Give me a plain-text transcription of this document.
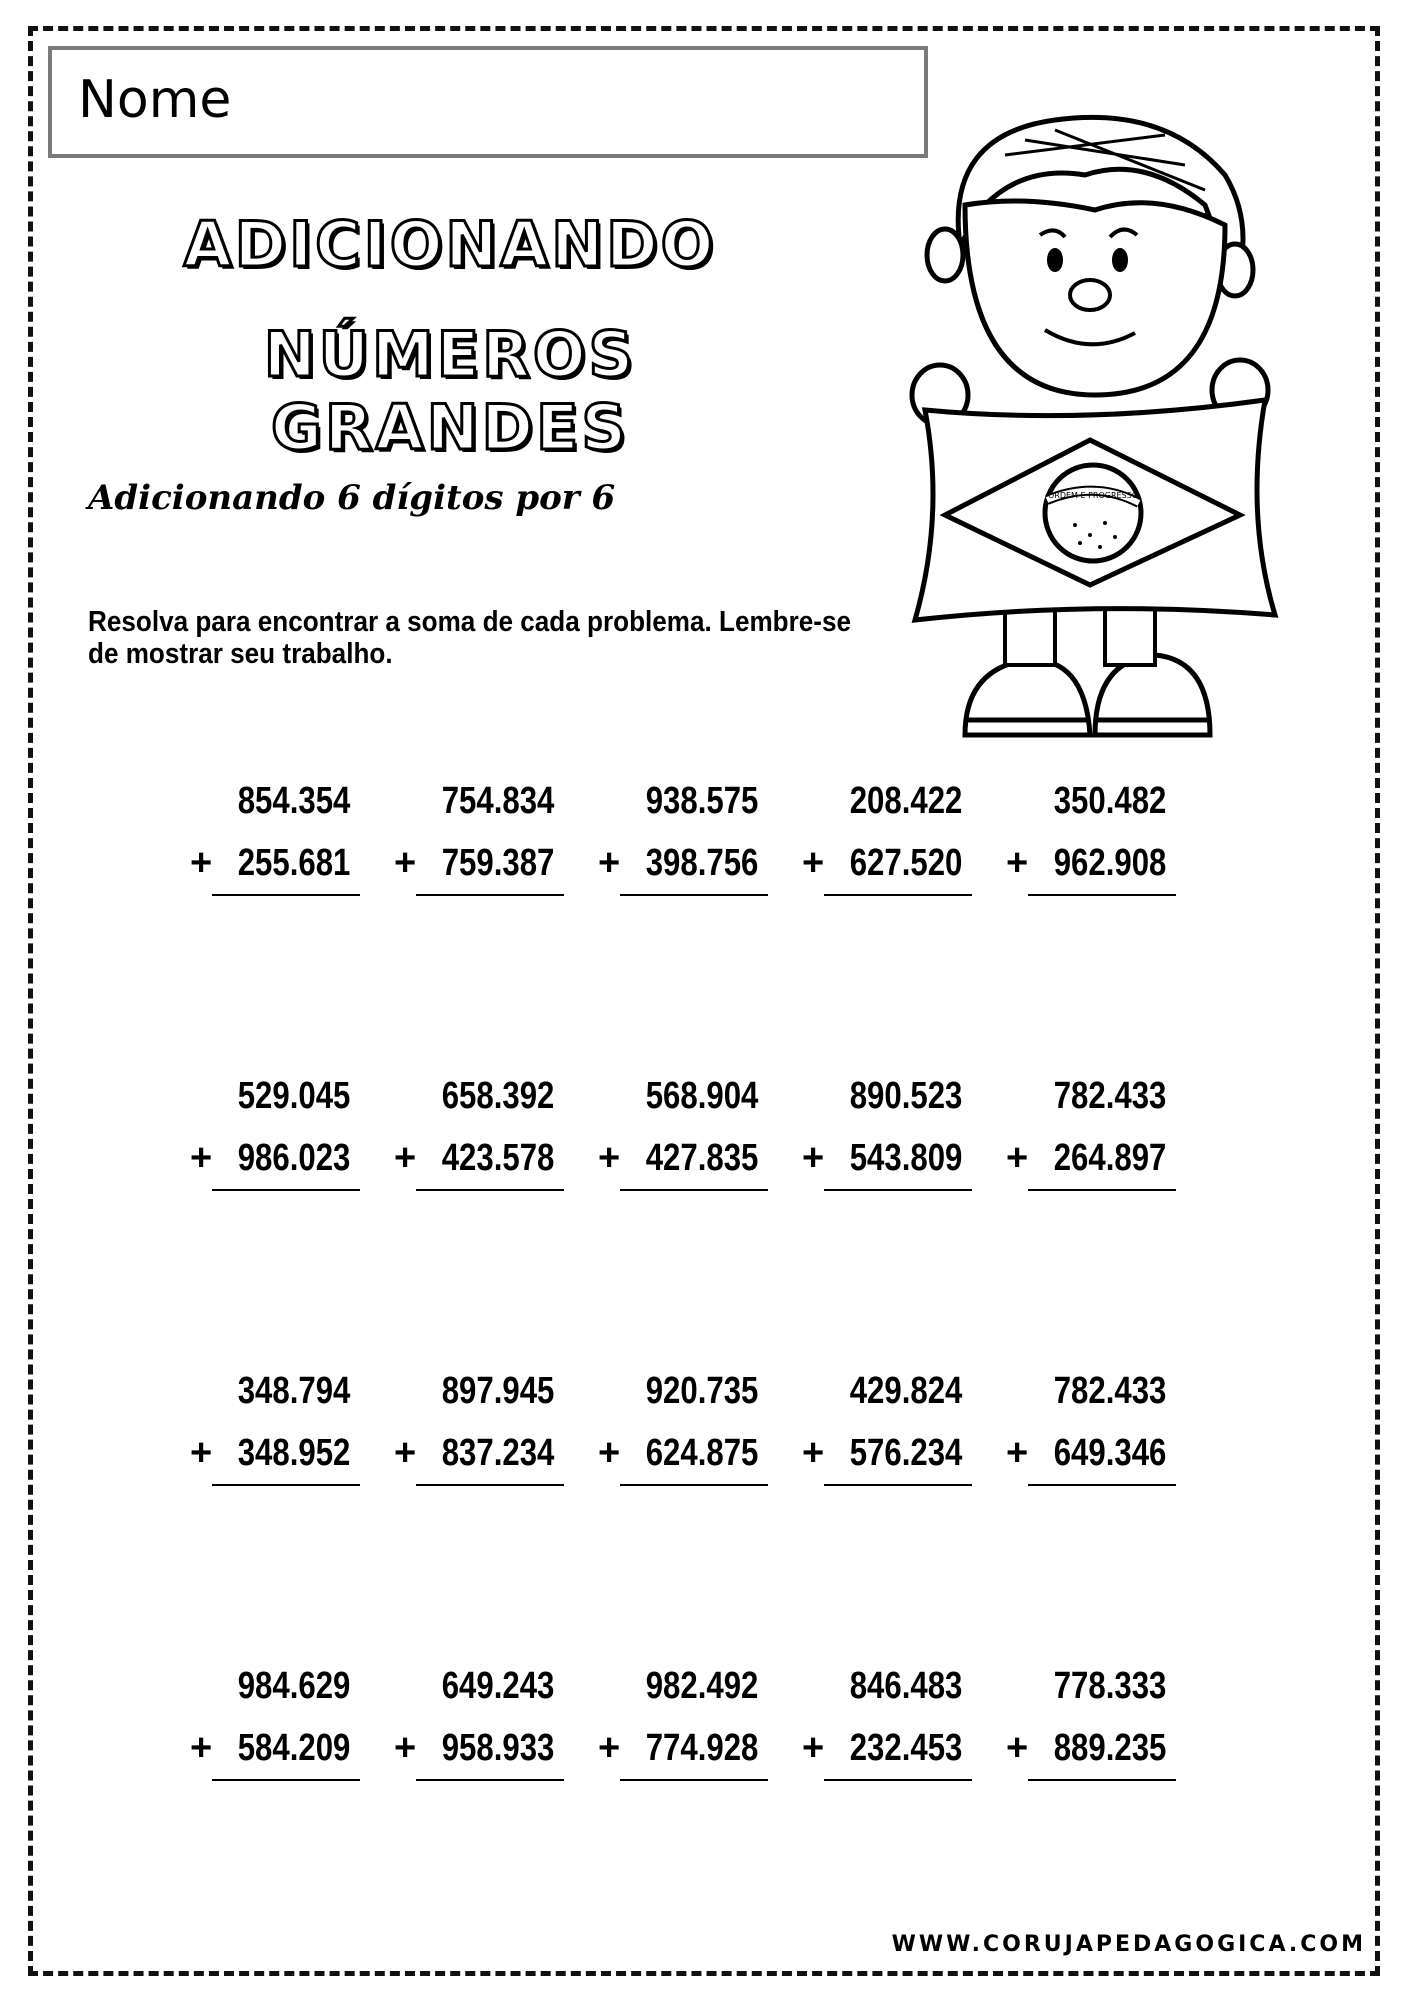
Nome
ADICIONANDO
NÚMEROS GRANDES
Adicionando 6 dígitos por 6
Resolva para encontrar a soma de cada problema. Lembre-se de mostrar seu trabalho.
ORDEM E PROGRESSO
854.354
+ 255.681
754.834
+ 759.387
938.575
+ 398.756
208.422
+ 627.520
350.482
+ 962.908
529.045
+ 986.023
658.392
+ 423.578
568.904
+ 427.835
890.523
+ 543.809
782.433
+ 264.897
348.794
+ 348.952
897.945
+ 837.234
920.735
+ 624.875
429.824
+ 576.234
782.433
+ 649.346
984.629
+ 584.209
649.243
+ 958.933
982.492
+ 774.928
846.483
+ 232.453
778.333
+ 889.235
WWW.CORUJAPEDAGOGICA.COM
